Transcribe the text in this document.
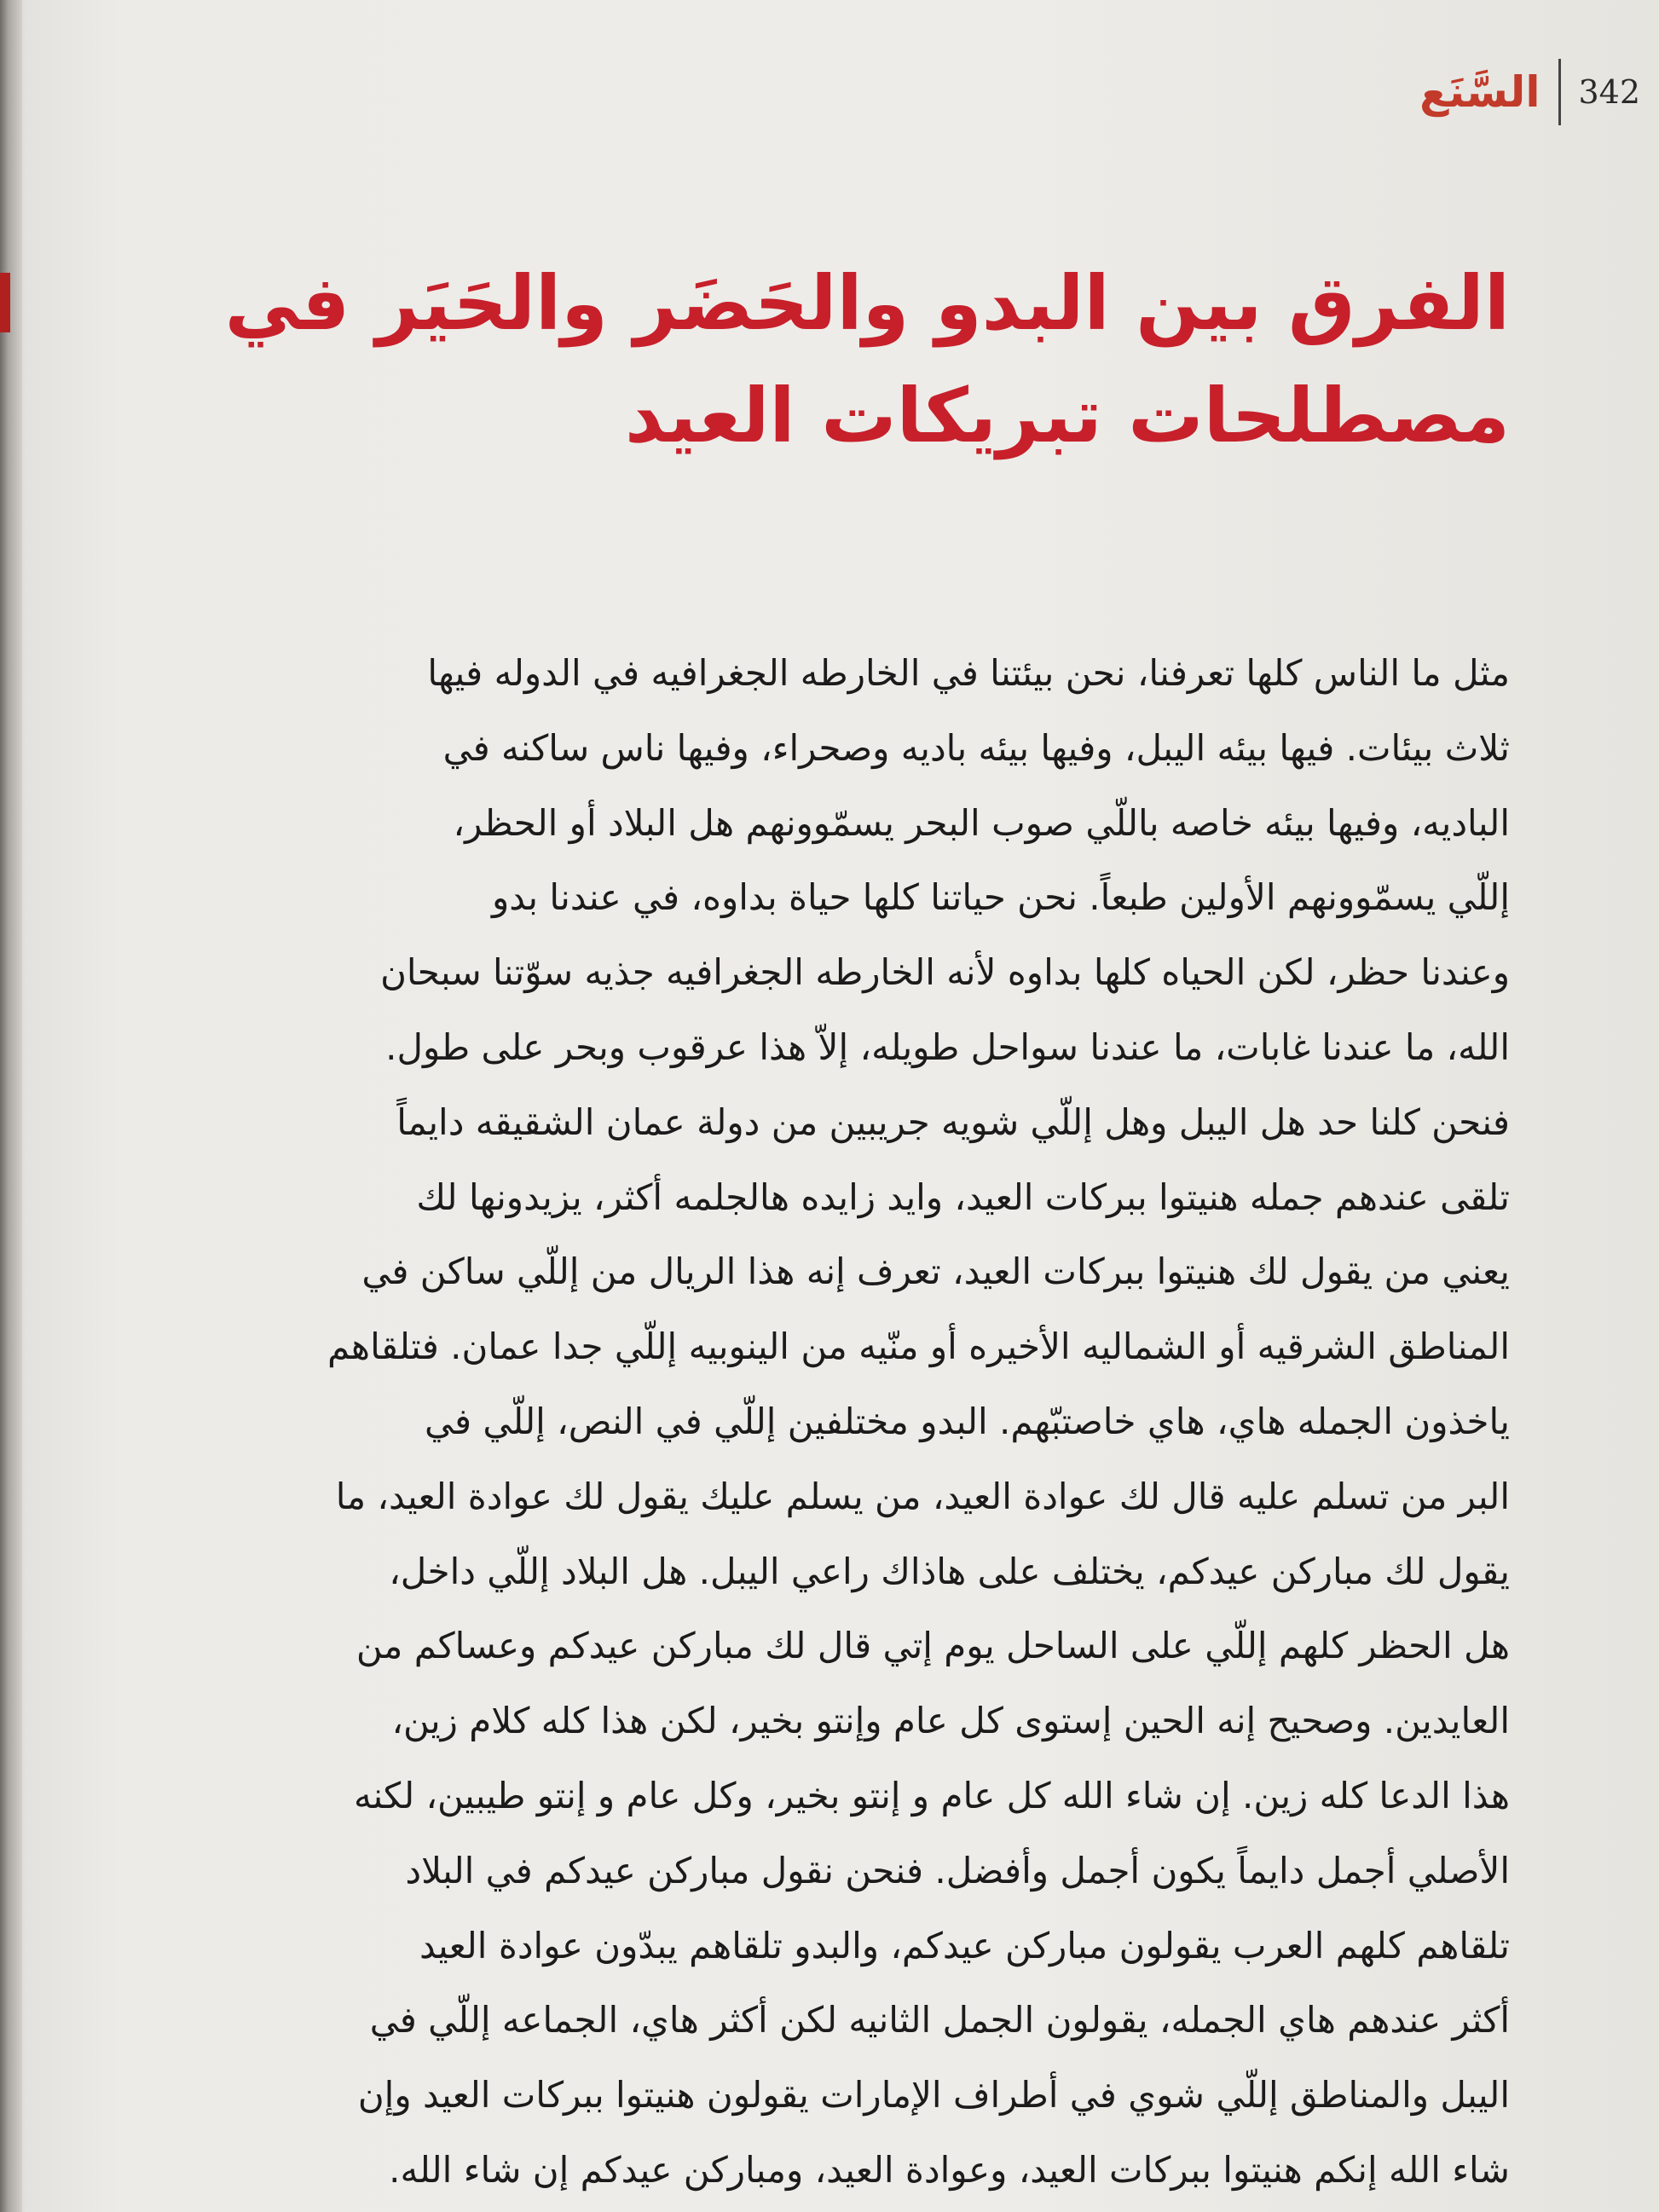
السَّنَع 342
الفرق بين البدو والحَضَر والحَيَر في
مصطلحات تبريكات العيد

مثل ما الناس كلها تعرفنا، نحن بيئتنا في الخارطه الجغرافيه في الدوله فيها
ثلاث بيئات. فيها بيئه اليبل، وفيها بيئه باديه وصحراء، وفيها ناس ساكنه في
الباديه، وفيها بيئه خاصه باللّي صوب البحر يسمّوونهم هل البلاد أو الحظر،
إللّي يسمّوونهم الأولين طبعاً. نحن حياتنا كلها حياة بداوه، في عندنا بدو
وعندنا حظر، لكن الحياه كلها بداوه لأنه الخارطه الجغرافيه جذيه سوّتنا سبحان
الله، ما عندنا غابات، ما عندنا سواحل طويله، إلاّ هذا عرقوب وبحر على طول.
فنحن كلنا حد هل اليبل وهل إللّي شويه جريبين من دولة عمان الشقيقه دايماً
تلقى عندهم جمله هنيتوا ببركات العيد، وايد زايده هالجلمه أكثر، يزيدونها لك
يعني من يقول لك هنيتوا ببركات العيد، تعرف إنه هذا الريال من إللّي ساكن في
المناطق الشرقيه أو الشماليه الأخيره أو منّيه من الينوبيه إللّي جدا عمان. فتلقاهم
ياخذون الجمله هاي، هاي خاصتبّهم. البدو مختلفين إللّي في النص، إللّي في
البر من تسلم عليه قال لك عوادة العيد، من يسلم عليك يقول لك عوادة العيد، ما
يقول لك مباركن عيدكم، يختلف على هاذاك راعي اليبل. هل البلاد إللّي داخل،
هل الحظر كلهم إللّي على الساحل يوم إتي قال لك مباركن عيدكم وعساكم من
العايدين. وصحيح إنه الحين إستوى كل عام وإنتو بخير، لكن هذا كله كلام زين،
هذا الدعا كله زين. إن شاء الله كل عام و إنتو بخير، وكل عام و إنتو طيبين، لكنه
الأصلي أجمل دايماً يكون أجمل وأفضل. فنحن نقول مباركن عيدكم في البلاد
تلقاهم كلهم العرب يقولون مبارکن عيدكم، والبدو تلقاهم يبدّون عوادة العيد
أكثر عندهم هاي الجمله، يقولون الجمل الثانيه لكن أكثر هاي، الجماعه إللّي في
اليبل والمناطق إللّي شوي في أطراف الإمارات يقولون هنيتوا ببركات العيد وإن
شاء الله إنكم هنيتوا ببركات العيد، وعوادة العيد، ومباركن عيدكم إن شاء الله.
